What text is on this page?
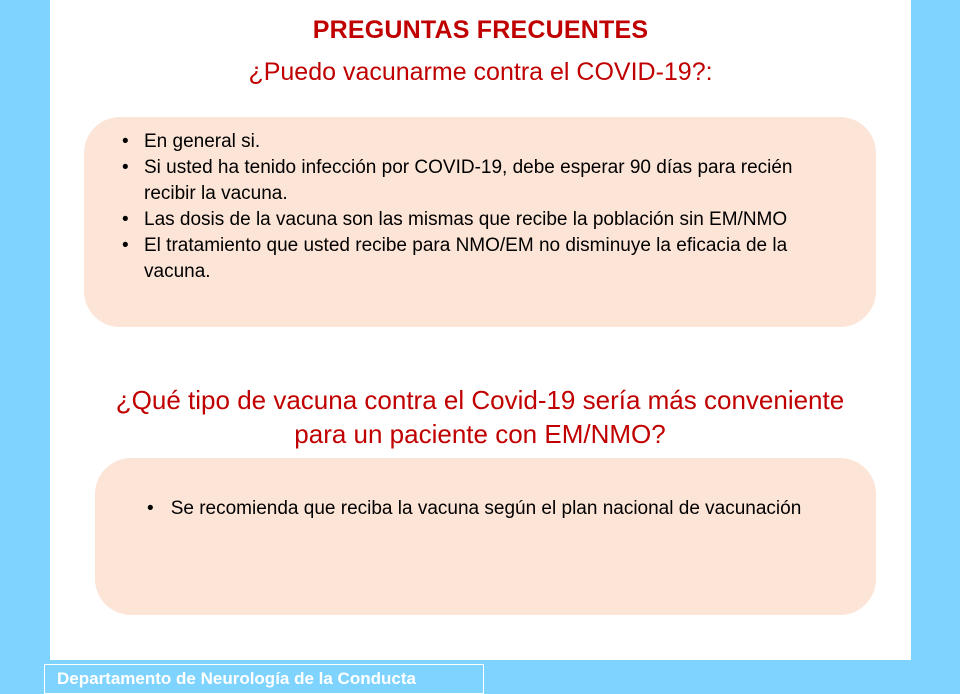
PREGUNTAS FRECUENTES
¿Puedo vacunarme contra el COVID-19?:
• En general si.
• Si usted ha tenido infección por COVID-19, debe esperar 90 días para recién recibir la vacuna.
• Las dosis de la vacuna son las mismas que recibe la población sin EM/NMO
• El tratamiento que usted recibe para NMO/EM no disminuye la eficacia de la vacuna.
¿Qué tipo de vacuna contra el Covid-19 sería más conveniente para un paciente con EM/NMO?
• Se recomienda que reciba la vacuna según el plan nacional de vacunación
Departamento de Neurología de la Conducta
